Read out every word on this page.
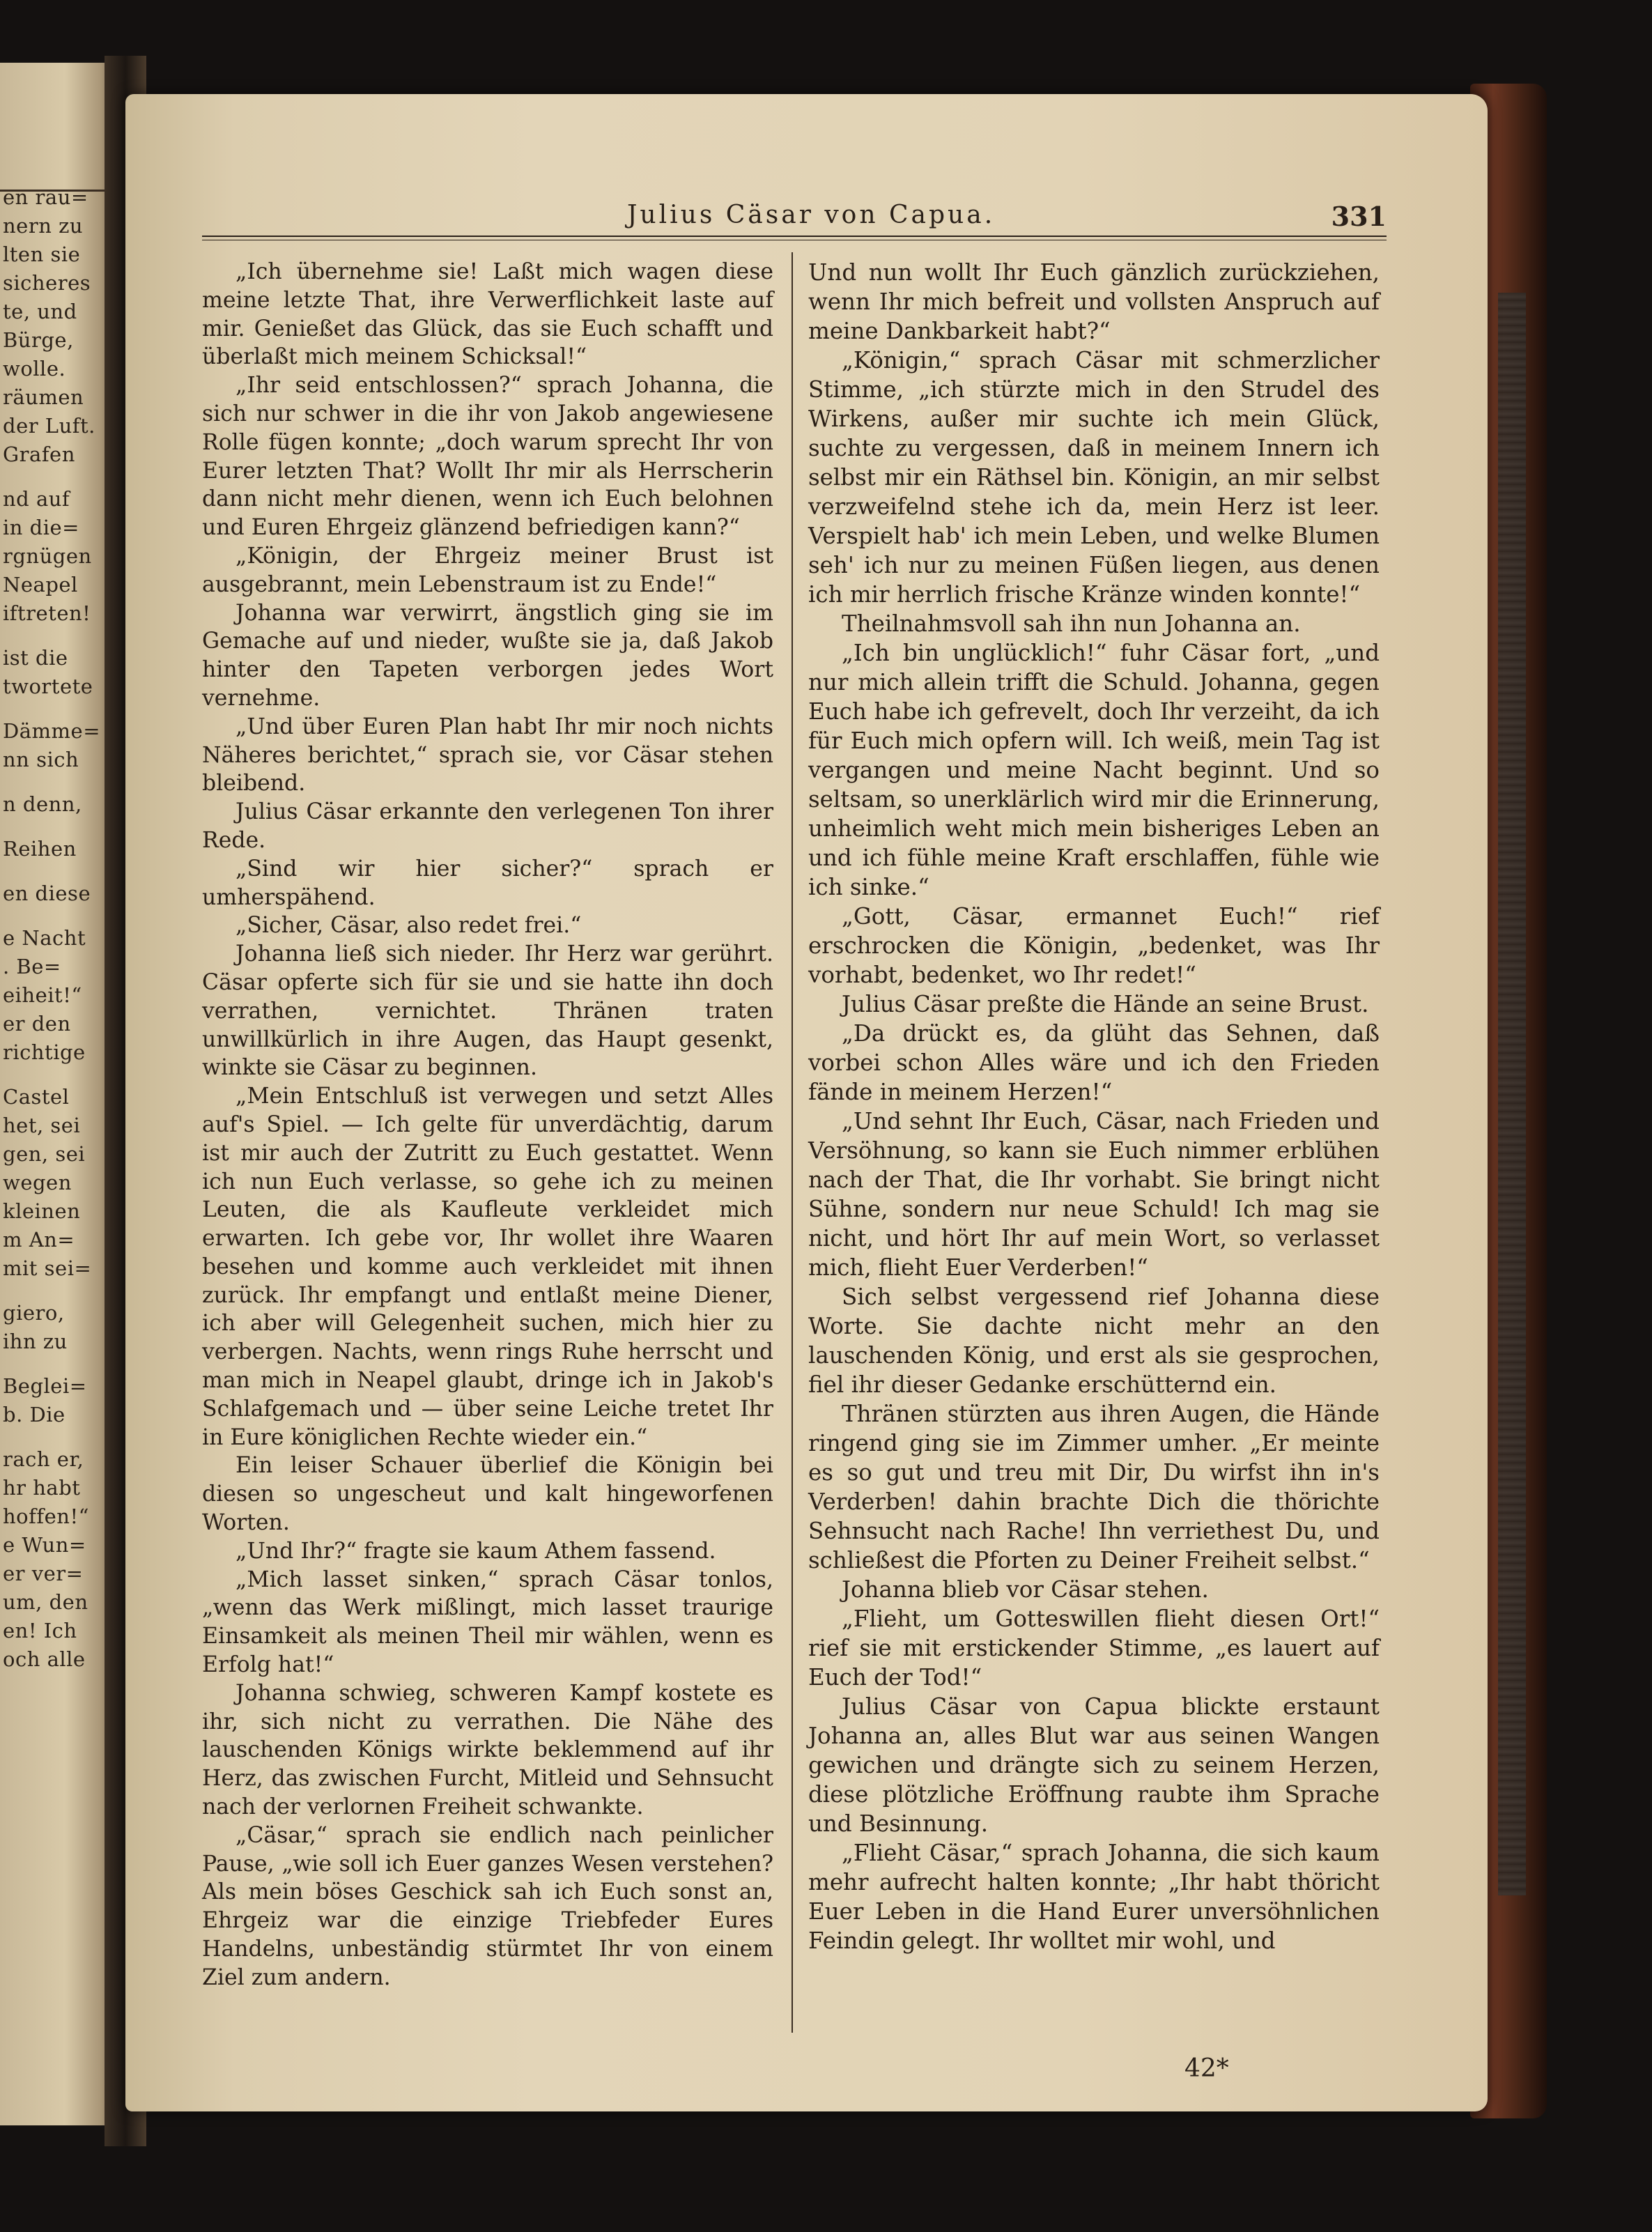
en rau=
nern zu
lten sie
sicheres
te, und
Bürge,
wolle.
räumen
der Luft.
Grafen
nd auf
in die=
rgnügen
Neapel
iftreten!
ist die
twortete
Dämme=
nn sich
n denn,
Reihen
en diese
e Nacht
. Be=
eiheit!“
er den
richtige
Castel
het, sei
gen, sei
wegen
kleinen
m An=
mit sei=
giero,
ihn zu
Beglei=
b. Die
rach er,
hr habt
hoffen!“
e Wun=
er ver=
um, den
en! Ich
och alle
Julius Cäsar von Capua.	331

„Ich übernehme sie! Laßt mich wagen diese meine letzte That, ihre Verwerflichkeit laste auf mir. Genießet das Glück, das sie Euch schafft und überlaßt mich meinem Schicksal!“

„Ihr seid entschlossen?“ sprach Johanna, die sich nur schwer in die ihr von Jakob angewiesene Rolle fügen konnte; „doch warum sprecht Ihr von Eurer letzten That? Wollt Ihr mir als Herrscherin dann nicht mehr dienen, wenn ich Euch belohnen und Euren Ehrgeiz glänzend befriedigen kann?“

„Königin, der Ehrgeiz meiner Brust ist ausgebrannt, mein Lebenstraum ist zu Ende!“

Johanna war verwirrt, ängstlich ging sie im Gemache auf und nieder, wußte sie ja, daß Jakob hinter den Tapeten verborgen jedes Wort vernehme.

„Und über Euren Plan habt Ihr mir noch nichts Näheres berichtet,“ sprach sie, vor Cäsar stehen bleibend.

Julius Cäsar erkannte den verlegenen Ton ihrer Rede.

„Sind wir hier sicher?“ sprach er umherspähend.

„Sicher, Cäsar, also redet frei.“

Johanna ließ sich nieder. Ihr Herz war gerührt. Cäsar opferte sich für sie und sie hatte ihn doch verrathen, vernichtet. Thränen traten unwillkürlich in ihre Augen, das Haupt gesenkt, winkte sie Cäsar zu beginnen.

„Mein Entschluß ist verwegen und setzt Alles auf's Spiel. — Ich gelte für unverdächtig, darum ist mir auch der Zutritt zu Euch gestattet. Wenn ich nun Euch verlasse, so gehe ich zu meinen Leuten, die als Kaufleute verkleidet mich erwarten. Ich gebe vor, Ihr wollet ihre Waaren besehen und komme auch verkleidet mit ihnen zurück. Ihr empfangt und entlaßt meine Diener, ich aber will Gelegenheit suchen, mich hier zu verbergen. Nachts, wenn rings Ruhe herrscht und man mich in Neapel glaubt, dringe ich in Jakob's Schlafgemach und — über seine Leiche tretet Ihr in Eure königlichen Rechte wieder ein.“

Ein leiser Schauer überlief die Königin bei diesen so ungescheut und kalt hingeworfenen Worten.

„Und Ihr?“ fragte sie kaum Athem fassend.

„Mich lasset sinken,“ sprach Cäsar tonlos, „wenn das Werk mißlingt, mich lasset traurige Einsamkeit als meinen Theil mir wählen, wenn es Erfolg hat!“

Johanna schwieg, schweren Kampf kostete es ihr, sich nicht zu verrathen. Die Nähe des lauschenden Königs wirkte beklemmend auf ihr Herz, das zwischen Furcht, Mitleid und Sehnsucht nach der verlornen Freiheit schwankte.

„Cäsar,“ sprach sie endlich nach peinlicher Pause, „wie soll ich Euer ganzes Wesen verstehen? Als mein böses Geschick sah ich Euch sonst an, Ehrgeiz war die einzige Triebfeder Eures Handelns, unbeständig stürmtet Ihr von einem Ziel zum andern.

Und nun wollt Ihr Euch gänzlich zurückziehen, wenn Ihr mich befreit und vollsten Anspruch auf meine Dankbarkeit habt?“

„Königin,“ sprach Cäsar mit schmerzlicher Stimme, „ich stürzte mich in den Strudel des Wirkens, außer mir suchte ich mein Glück, suchte zu vergessen, daß in meinem Innern ich selbst mir ein Räthsel bin. Königin, an mir selbst verzweifelnd stehe ich da, mein Herz ist leer. Verspielt hab' ich mein Leben, und welke Blumen seh' ich nur zu meinen Füßen liegen, aus denen ich mir herrlich frische Kränze winden konnte!“

Theilnahmsvoll sah ihn nun Johanna an.

„Ich bin unglücklich!“ fuhr Cäsar fort, „und nur mich allein trifft die Schuld. Johanna, gegen Euch habe ich gefrevelt, doch Ihr verzeiht, da ich für Euch mich opfern will. Ich weiß, mein Tag ist vergangen und meine Nacht beginnt. Und so seltsam, so unerklärlich wird mir die Erinnerung, unheimlich weht mich mein bisheriges Leben an und ich fühle meine Kraft erschlaffen, fühle wie ich sinke.“

„Gott, Cäsar, ermannet Euch!“ rief erschrocken die Königin, „bedenket, was Ihr vorhabt, bedenket, wo Ihr redet!“

Julius Cäsar preßte die Hände an seine Brust.

„Da drückt es, da glüht das Sehnen, daß vorbei schon Alles wäre und ich den Frieden fände in meinem Herzen!“

„Und sehnt Ihr Euch, Cäsar, nach Frieden und Versöhnung, so kann sie Euch nimmer erblühen nach der That, die Ihr vorhabt. Sie bringt nicht Sühne, sondern nur neue Schuld! Ich mag sie nicht, und hört Ihr auf mein Wort, so verlasset mich, flieht Euer Verderben!“

Sich selbst vergessend rief Johanna diese Worte. Sie dachte nicht mehr an den lauschenden König, und erst als sie gesprochen, fiel ihr dieser Gedanke erschütternd ein.

Thränen stürzten aus ihren Augen, die Hände ringend ging sie im Zimmer umher. „Er meinte es so gut und treu mit Dir, Du wirfst ihn in's Verderben! dahin brachte Dich die thörichte Sehnsucht nach Rache! Ihn verriethest Du, und schließest die Pforten zu Deiner Freiheit selbst.“

Johanna blieb vor Cäsar stehen.

„Flieht, um Gotteswillen flieht diesen Ort!“ rief sie mit erstickender Stimme, „es lauert auf Euch der Tod!“

Julius Cäsar von Capua blickte erstaunt Johanna an, alles Blut war aus seinen Wangen gewichen und drängte sich zu seinem Herzen, diese plötzliche Eröffnung raubte ihm Sprache und Besinnung.

„Flieht Cäsar,“ sprach Johanna, die sich kaum mehr aufrecht halten konnte; „Ihr habt thöricht Euer Leben in die Hand Eurer unversöhnlichen Feindin gelegt. Ihr wolltet mir wohl, und

42*
